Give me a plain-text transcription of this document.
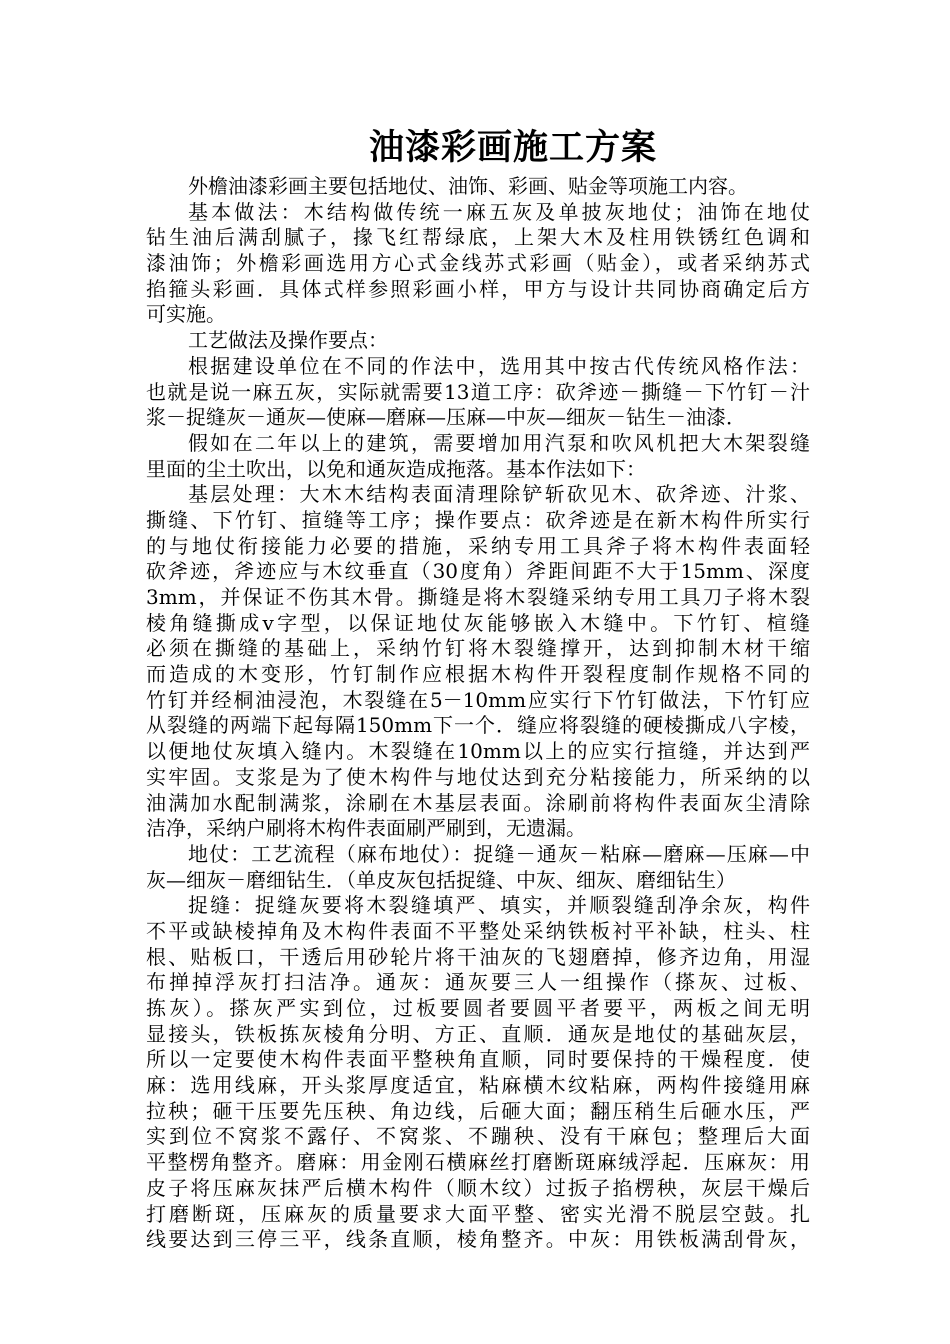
油漆彩画施工方案
外檐油漆彩画主要包括地仗、油饰、彩画、贴金等项施工内容。
基本做法：木结构做传统一麻五灰及单披灰地仗；油饰在地仗
钻生油后满刮腻子，掾飞红帮绿底，上架大木及柱用铁锈红色调和
漆油饰；外檐彩画选用方心式金线苏式彩画（贴金），或者采纳苏式
掐箍头彩画．具体式样参照彩画小样，甲方与设计共同协商确定后方
可实施。
工艺做法及操作要点：
根据建设单位在不同的作法中，选用其中按古代传统风格作法：
也就是说一麻五灰，实际就需要13道工序：砍斧迹－撕缝－下竹钉－汁
浆－捉缝灰－通灰—使麻—磨麻—压麻—中灰—细灰－钻生－油漆．
假如在二年以上的建筑，需要增加用汽泵和吹风机把大木架裂缝
里面的尘土吹出，以免和通灰造成拖落。基本作法如下：
基层处理：大木木结构表面清理除铲斩砍见木、砍斧迹、汁浆、
撕缝、下竹钉、揎缝等工序；操作要点：砍斧迹是在新木构件所实行
的与地仗衔接能力必要的措施，采纳专用工具斧子将木构件表面轻
砍斧迹，斧迹应与木纹垂直（30度角）斧距间距不大于15mm、深度
3mm，并保证不伤其木骨。撕缝是将木裂缝采纳专用工具刀子将木裂
棱角缝撕成v字型，以保证地仗灰能够嵌入木缝中。下竹钉、楦缝
必须在撕缝的基础上，采纳竹钉将木裂缝撑开，达到抑制木材干缩
而造成的木变形，竹钉制作应根据木构件开裂程度制作规格不同的
竹钉并经桐油浸泡，木裂缝在5－10mm应实行下竹钉做法，下竹钉应
从裂缝的两端下起每隔150mm下一个．缝应将裂缝的硬棱撕成八字棱，
以便地仗灰填入缝内。木裂缝在10mm以上的应实行揎缝，并达到严
实牢固。支浆是为了使木构件与地仗达到充分粘接能力，所采纳的以
油满加水配制满浆，涂刷在木基层表面。涂刷前将构件表面灰尘清除
洁净，采纳户刷将木构件表面刷严刷到，无遗漏。
地仗：工艺流程（麻布地仗）：捉缝－通灰－粘麻—磨麻—压麻—中
灰—细灰－磨细钻生．（单皮灰包括捉缝、中灰、细灰、磨细钻生）
捉缝：捉缝灰要将木裂缝填严、填实，并顺裂缝刮净余灰，构件
不平或缺棱掉角及木构件表面不平整处采纳铁板衬平补缺，柱头、柱
根、贴板口，干透后用砂轮片将干油灰的飞翅磨掉，修齐边角，用湿
布掸掉浮灰打扫洁净。通灰：通灰要三人一组操作（搽灰、过板、
拣灰）。搽灰严实到位，过板要圆者要圆平者要平，两板之间无明
显接头，铁板拣灰棱角分明、方正、直顺．通灰是地仗的基础灰层，
所以一定要使木构件表面平整秧角直顺，同时要保持的干燥程度．使
麻：选用线麻，开头浆厚度适宜，粘麻横木纹粘麻，两构件接缝用麻
拉秧；砸干压要先压秧、角边线，后砸大面；翻压稍生后砸水压，严
实到位不窝浆不露仔、不窝浆、不蹦秧、没有干麻包；整理后大面
平整楞角整齐。磨麻：用金刚石横麻丝打磨断斑麻绒浮起．压麻灰：用
皮子将压麻灰抹严后横木构件（顺木纹）过扳子掐楞秧，灰层干燥后
打磨断斑，压麻灰的质量要求大面平整、密实光滑不脱层空鼓。扎
线要达到三停三平，线条直顺，棱角整齐。中灰：用铁板满刮骨灰，
